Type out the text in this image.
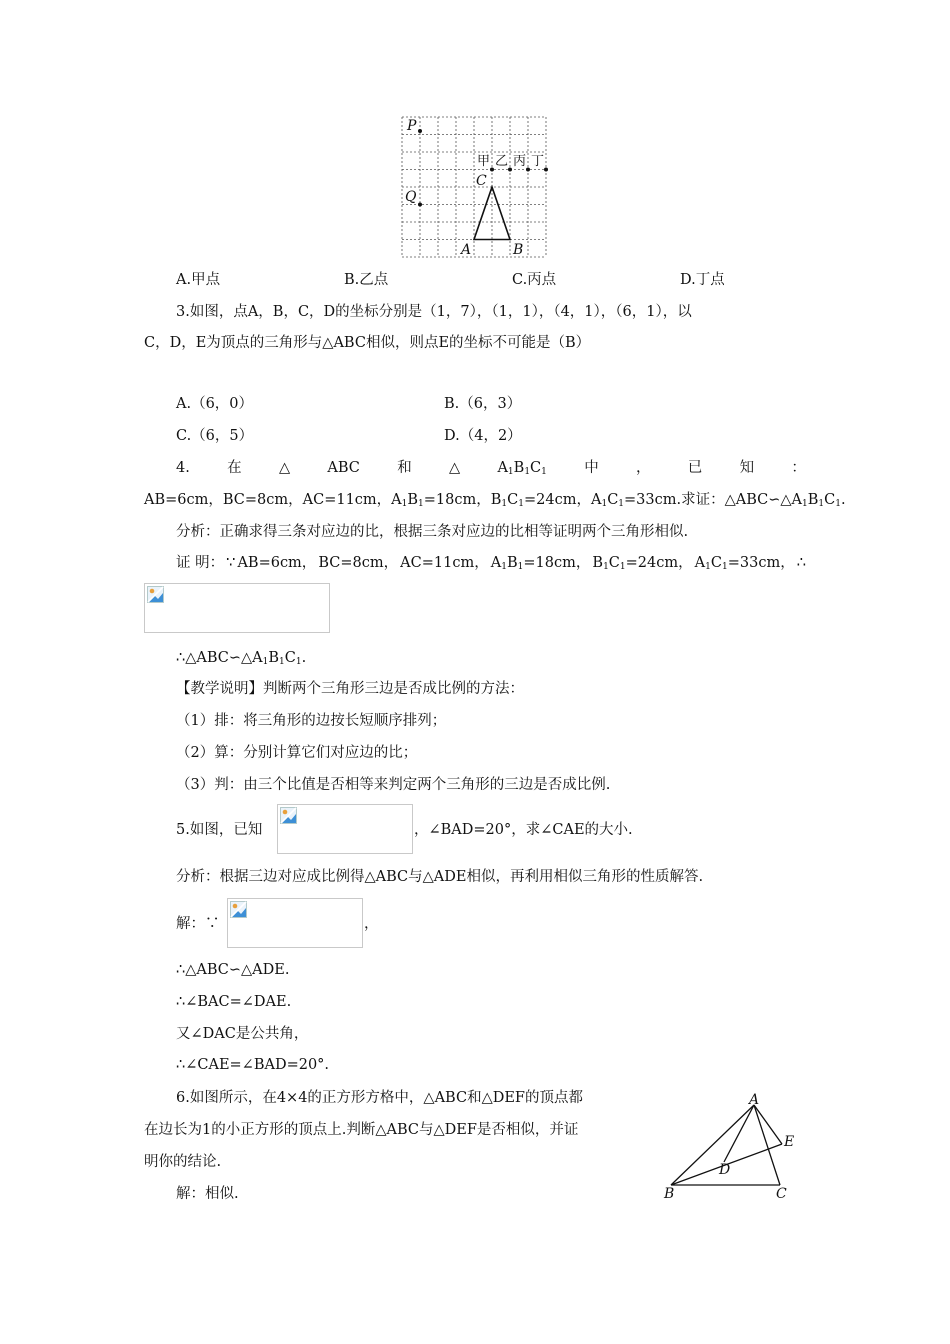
P
Q
C
A	B
甲 乙 丙 丁
A.甲点	B.乙点	C.丙点	D.丁点
3.如图，点A，B，C，D的坐标分别是（1，7），（1，1），（4，1），（6，1），以
C，D，E为顶点的三角形与△ABC相似，则点E的坐标不可能是（B）
A.（6，0）	B.（6，3）
C.（6，5）	D.（4，2）
4.	在	△	ABC	和	△	$A_1B_1C_1$	中	，	已	知	：
AB=6cm，BC=8cm，AC=11cm，$A_1B_1=18cm$，$B_1C_1=24cm$，$A_1C_1=33cm$.求证：$\triangle ABC∽\triangle A_1B_1C_1$.
分析：正确求得三条对应边的比，根据三条对应边的比相等证明两个三角形相似.
证 明： ∵ AB=6cm， BC=8cm， AC=11cm， $A_1B_1=18cm$， $B_1C_1=24cm$， $A_1C_1=33cm$， ∴
$\therefore\triangle ABC∽\triangle A_1B_1C_1$.
【教学说明】判断两个三角形三边是否成比例的方法：
（1）排：将三角形的边按长短顺序排列；
（2）算：分别计算它们对应边的比；
（3）判：由三个比值是否相等来判定两个三角形的三边是否成比例.
5.如图，已知	，∠BAD=20°，求∠CAE的大小.
分析：根据三边对应成比例得△ABC与△ADE相似，再利用相似三角形的性质解答.
解：∵	，
∴△ABC∽△ADE.
∴∠BAC=∠DAE.
又∠DAC是公共角，
∴∠CAE=∠BAD=20°.
6.如图所示，在4×4的正方形方格中，△ABC和△DEF的顶点都
在边长为1的小正方形的顶点上.判断△ABC与△DEF是否相似，并证
明你的结论.
解：相似.
A
B	C
D
E
